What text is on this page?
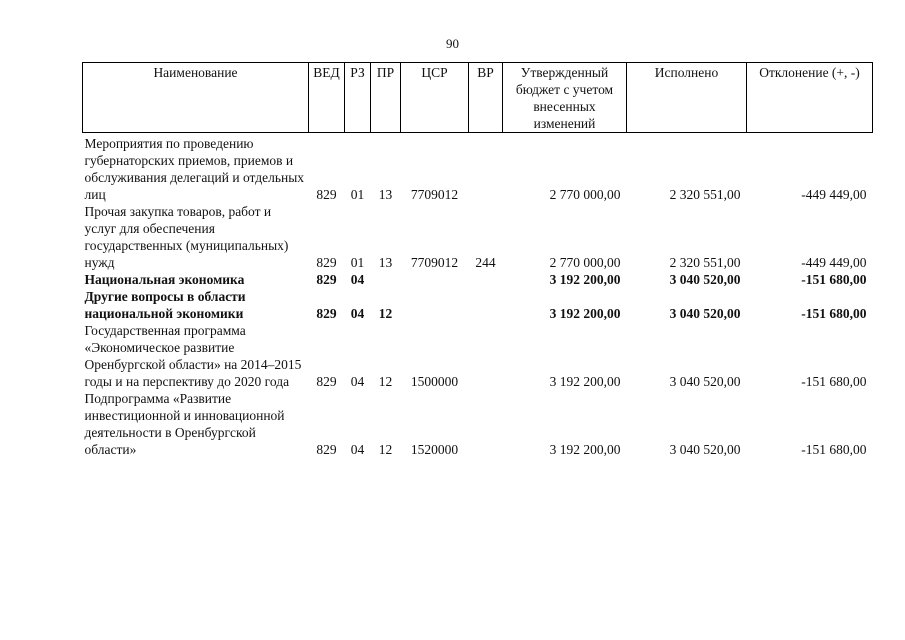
90
Наименование	ВЕД	РЗ	ПР	ЦСР	ВР	Утвержденный бюджет с учетом внесенных изменений	Исполнено	Отклонение (+, -)
Мероприятия по проведению губернаторских приемов, приемов и обслуживания делегаций и отдельных лиц	829	01	13	7709012		2 770 000,00	2 320 551,00	-449 449,00
Прочая закупка товаров, работ и услуг для обеспечения государственных (муниципальных) нужд	829	01	13	7709012	244	2 770 000,00	2 320 551,00	-449 449,00
Национальная экономика	829	04				3 192 200,00	3 040 520,00	-151 680,00
Другие вопросы в области национальной экономики	829	04	12			3 192 200,00	3 040 520,00	-151 680,00
Государственная программа «Экономическое развитие Оренбургской области» на 2014–2015 годы и на перспективу до 2020 года	829	04	12	1500000		3 192 200,00	3 040 520,00	-151 680,00
Подпрограмма «Развитие инвестиционной и инновационной деятельности в Оренбургской области»	829	04	12	1520000		3 192 200,00	3 040 520,00	-151 680,00
